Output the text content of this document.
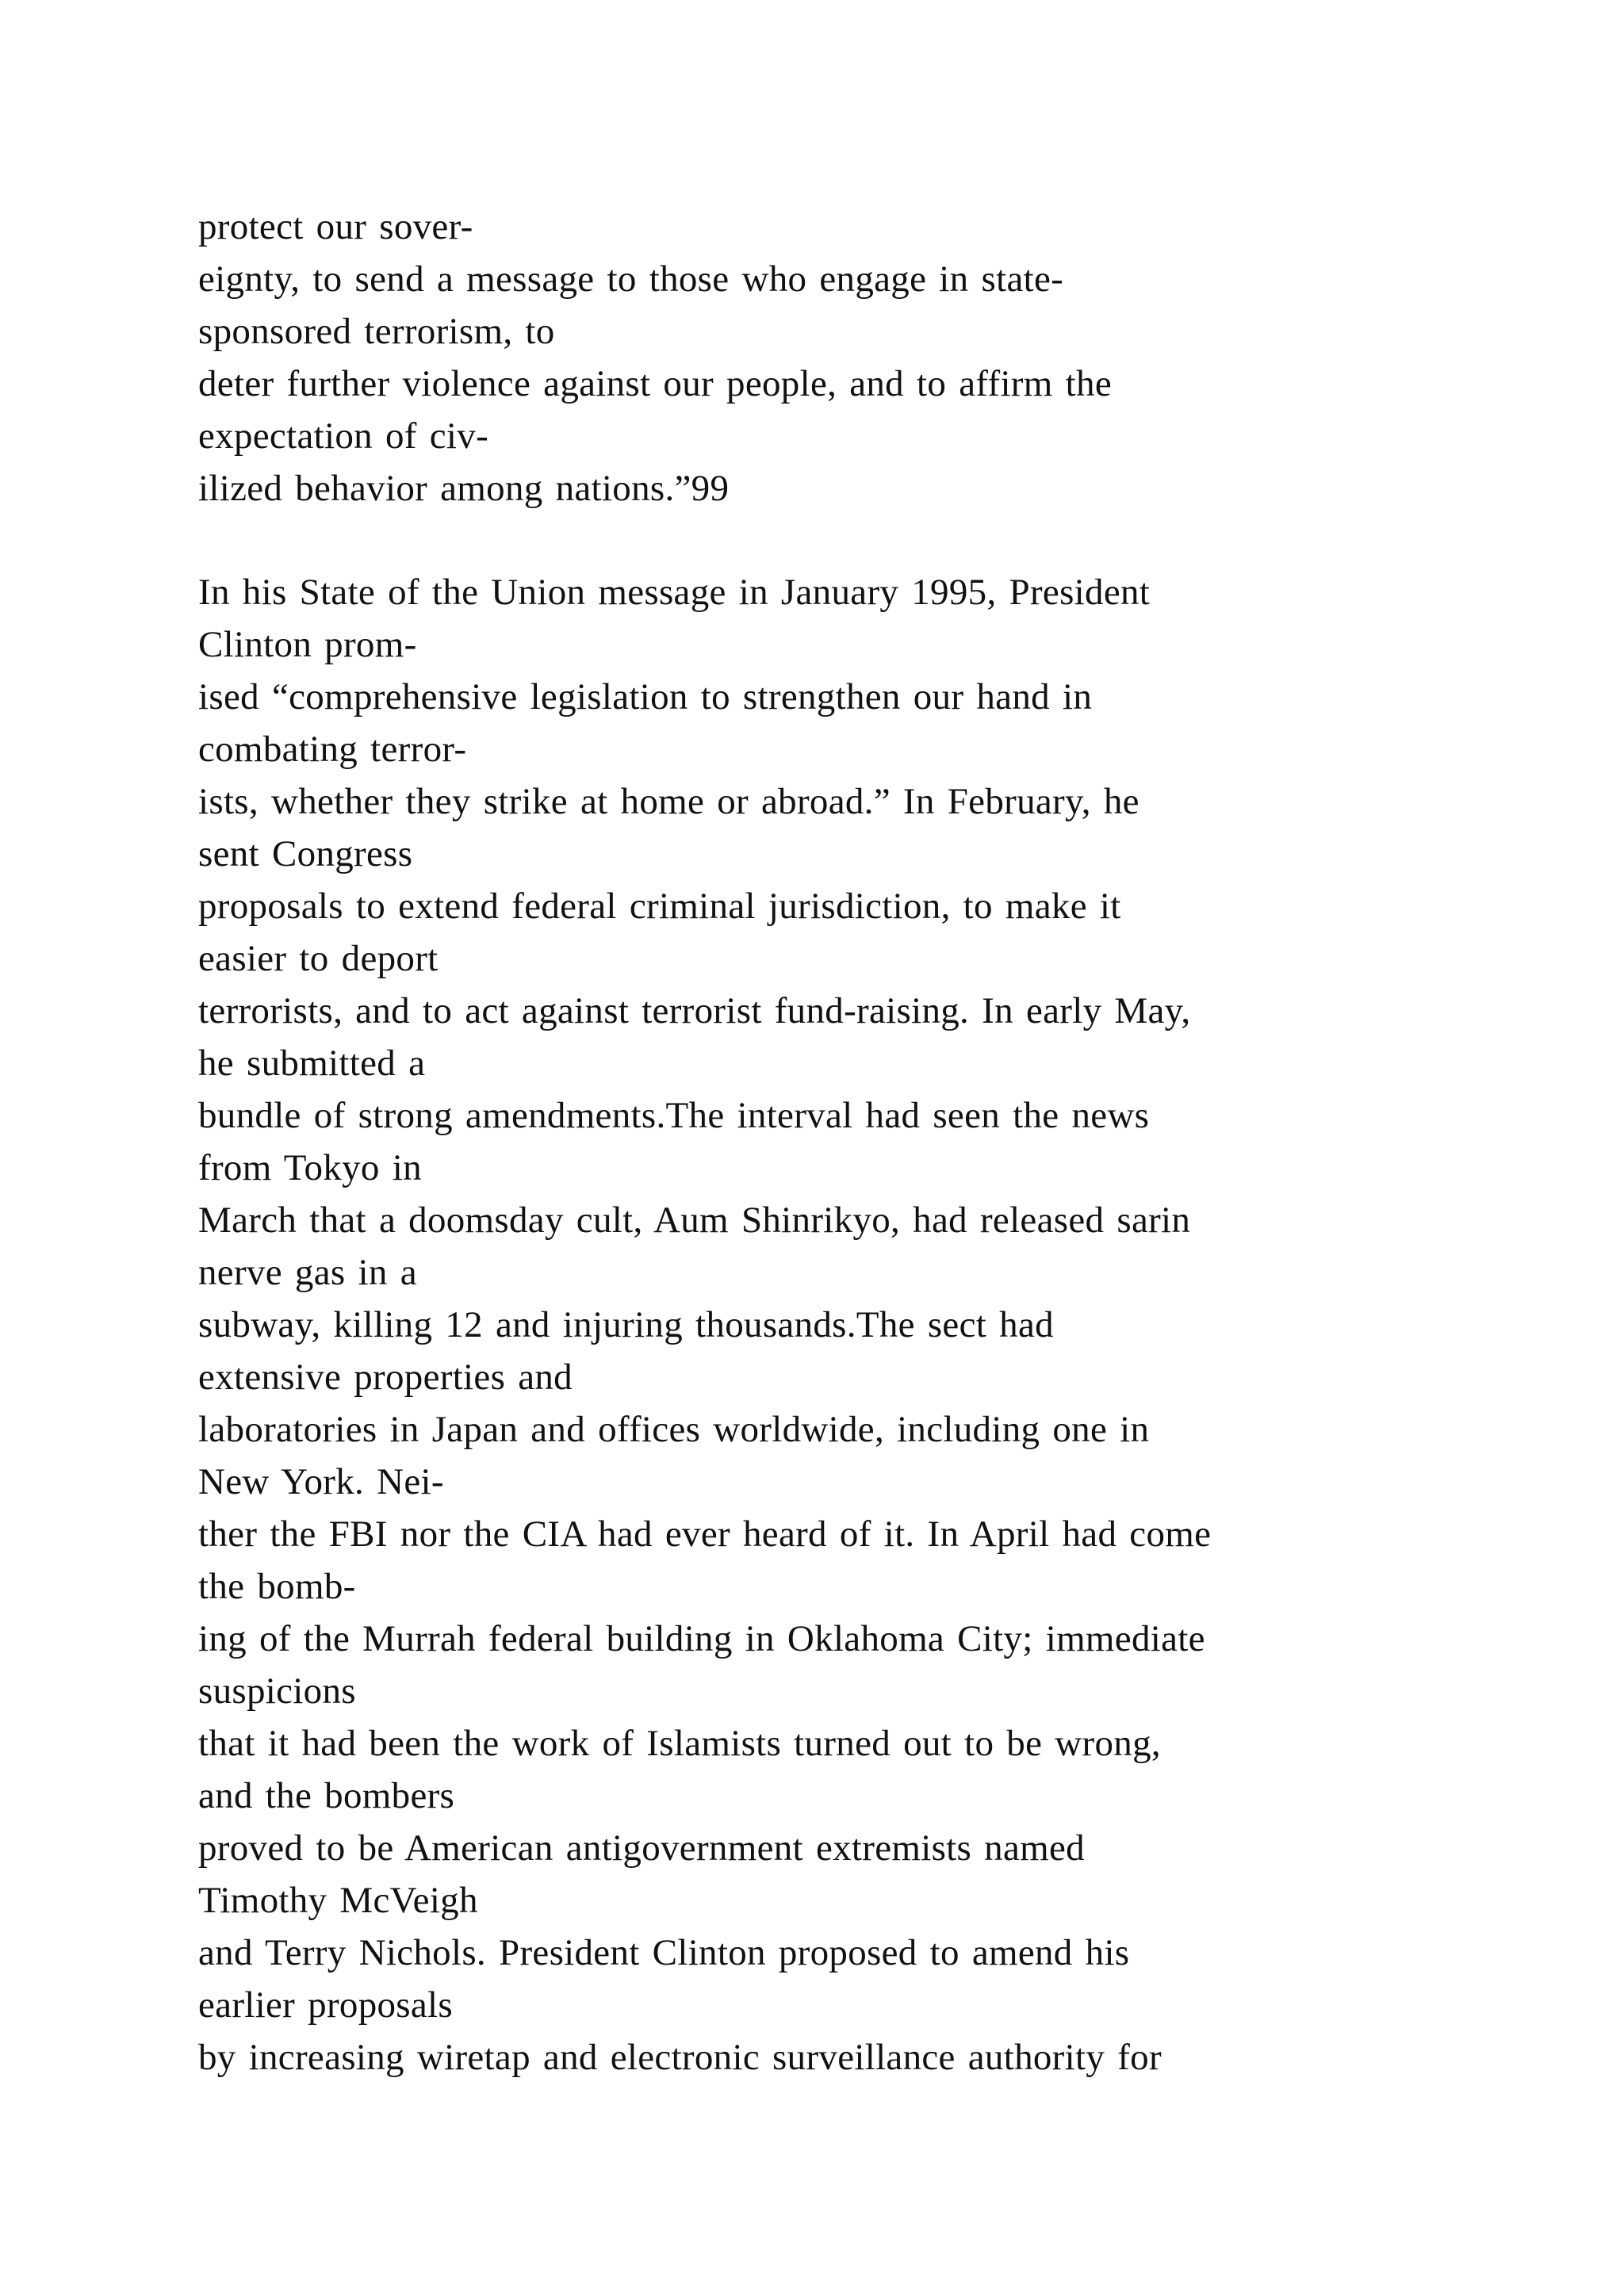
protect our sover-
eignty, to send a message to those who engage in state-
sponsored terrorism, to
deter further violence against our people, and to affirm the
expectation of civ-
ilized behavior among nations.”99
In his State of the Union message in January 1995, President
Clinton prom-
ised “comprehensive legislation to strengthen our hand in
combating terror-
ists, whether they strike at home or abroad.” In February, he
sent Congress
proposals to extend federal criminal jurisdiction, to make it
easier to deport
terrorists, and to act against terrorist fund-raising. In early May,
he submitted a
bundle of strong amendments.The interval had seen the news
from Tokyo in
March that a doomsday cult, Aum Shinrikyo, had released sarin
nerve gas in a
subway, killing 12 and injuring thousands.The sect had
extensive properties and
laboratories in Japan and offices worldwide, including one in
New York. Nei-
ther the FBI nor the CIA had ever heard of it. In April had come
the bomb-
ing of the Murrah federal building in Oklahoma City; immediate
suspicions
that it had been the work of Islamists turned out to be wrong,
and the bombers
proved to be American antigovernment extremists named
Timothy McVeigh
and Terry Nichols. President Clinton proposed to amend his
earlier proposals
by increasing wiretap and electronic surveillance authority for
